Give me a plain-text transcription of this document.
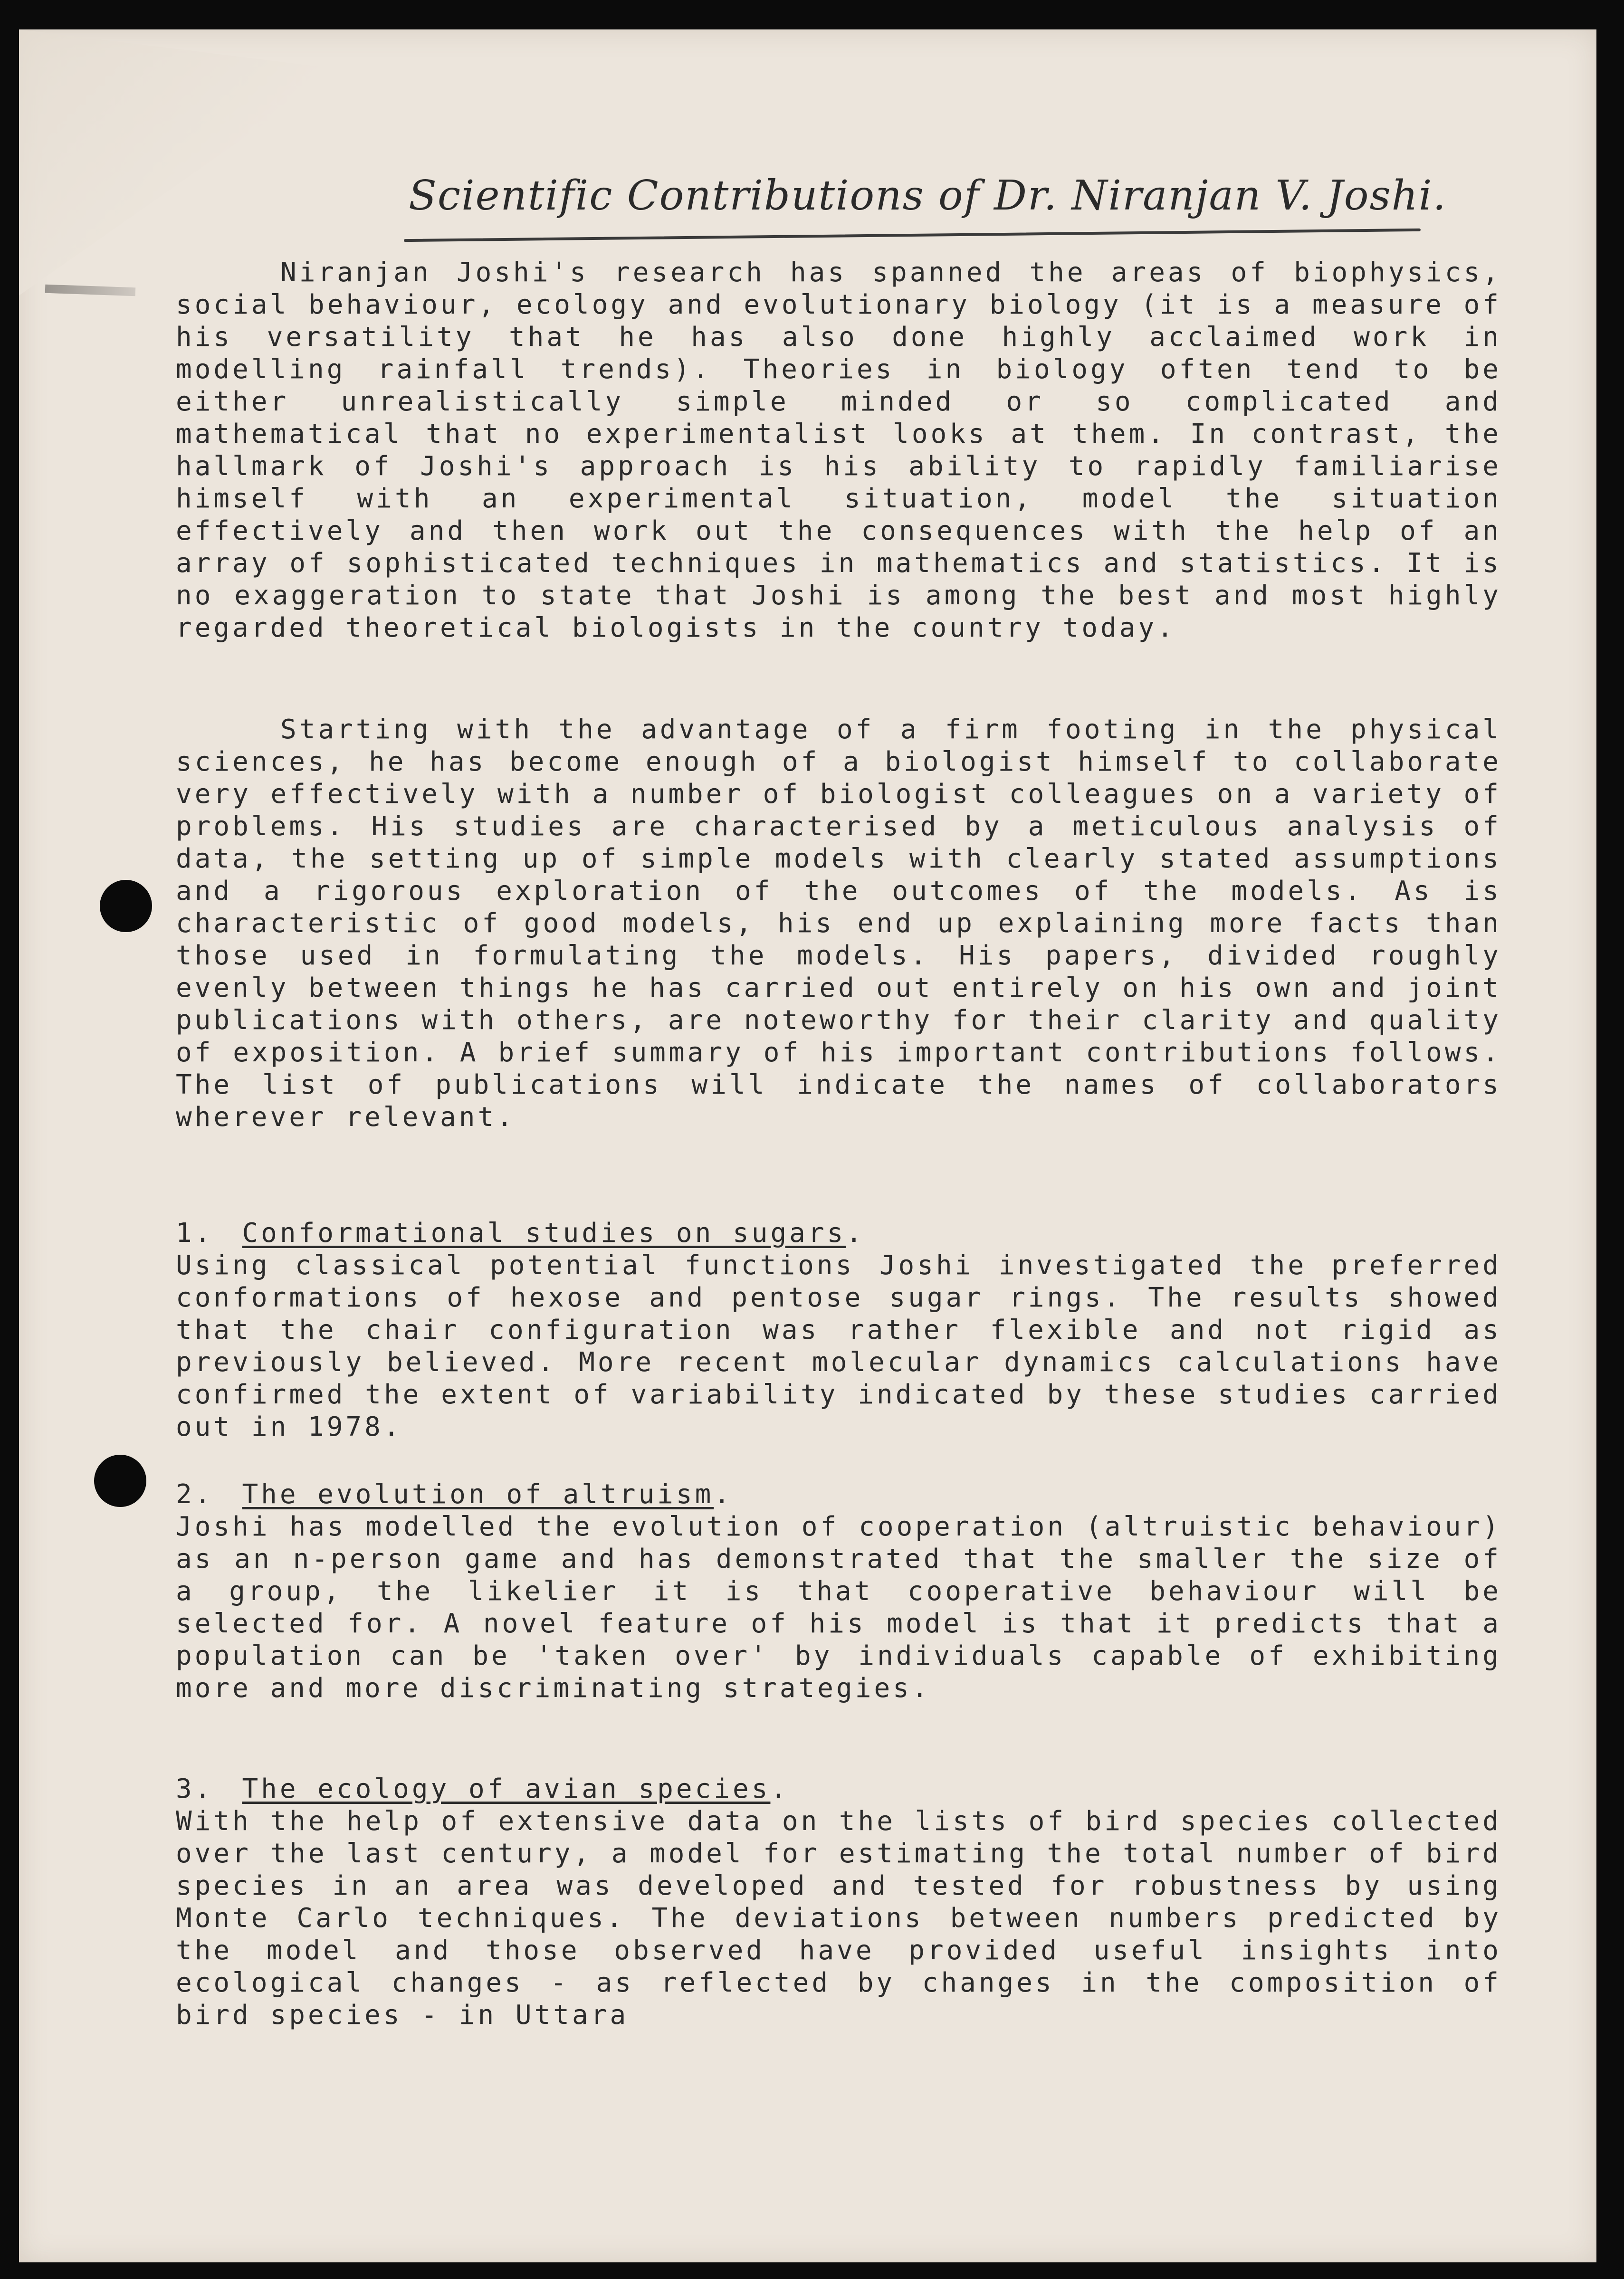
Scientific Contributions of Dr. Niranjan V. Joshi.

Niranjan Joshi's research has spanned the areas of biophysics, social behaviour, ecology and evolutionary biology (it is a measure of his versatility that he has also done highly acclaimed work in modelling rainfall trends). Theories in biology often tend to be either unrealistically simple minded or so complicated and mathematical that no experimentalist looks at them. In contrast, the hallmark of Joshi's approach is his ability to rapidly familiarise himself with an experimental situation, model the situation effectively and then work out the consequences with the help of an array of sophisticated techniques in mathematics and statistics. It is no exaggeration to state that Joshi is among the best and most highly regarded theoretical biologists in the country today.

Starting with the advantage of a firm footing in the physical sciences, he has become enough of a biologist himself to collaborate very effectively with a number of biologist colleagues on a variety of problems. His studies are characterised by a meticulous analysis of data, the setting up of simple models with clearly stated assumptions and a rigorous exploration of the outcomes of the models. As is characteristic of good models, his end up explaining more facts than those used in formulating the models. His papers, divided roughly evenly between things he has carried out entirely on his own and joint publications with others, are noteworthy for their clarity and quality of exposition. A brief summary of his important contributions follows. The list of publications will indicate the names of collaborators wherever relevant.

1. Conformational studies on sugars.

Using classical potential functions Joshi investigated the preferred conformations of hexose and pentose sugar rings. The results showed that the chair configuration was rather flexible and not rigid as previously believed. More recent molecular dynamics calculations have confirmed the extent of variability indicated by these studies carried out in 1978.

2. The evolution of altruism.

Joshi has modelled the evolution of cooperation (altruistic behaviour) as an n-person game and has demonstrated that the smaller the size of a group, the likelier it is that cooperative behaviour will be selected for. A novel feature of his model is that it predicts that a population can be 'taken over' by individuals capable of exhibiting more and more discriminating strategies.

3. The ecology of avian species.

With the help of extensive data on the lists of bird species collected over the last century, a model for estimating the total number of bird species in an area was developed and tested for robustness by using Monte Carlo techniques. The deviations between numbers predicted by the model and those observed have provided useful insights into ecological changes - as reflected by changes in the composition of bird species - in Uttara
